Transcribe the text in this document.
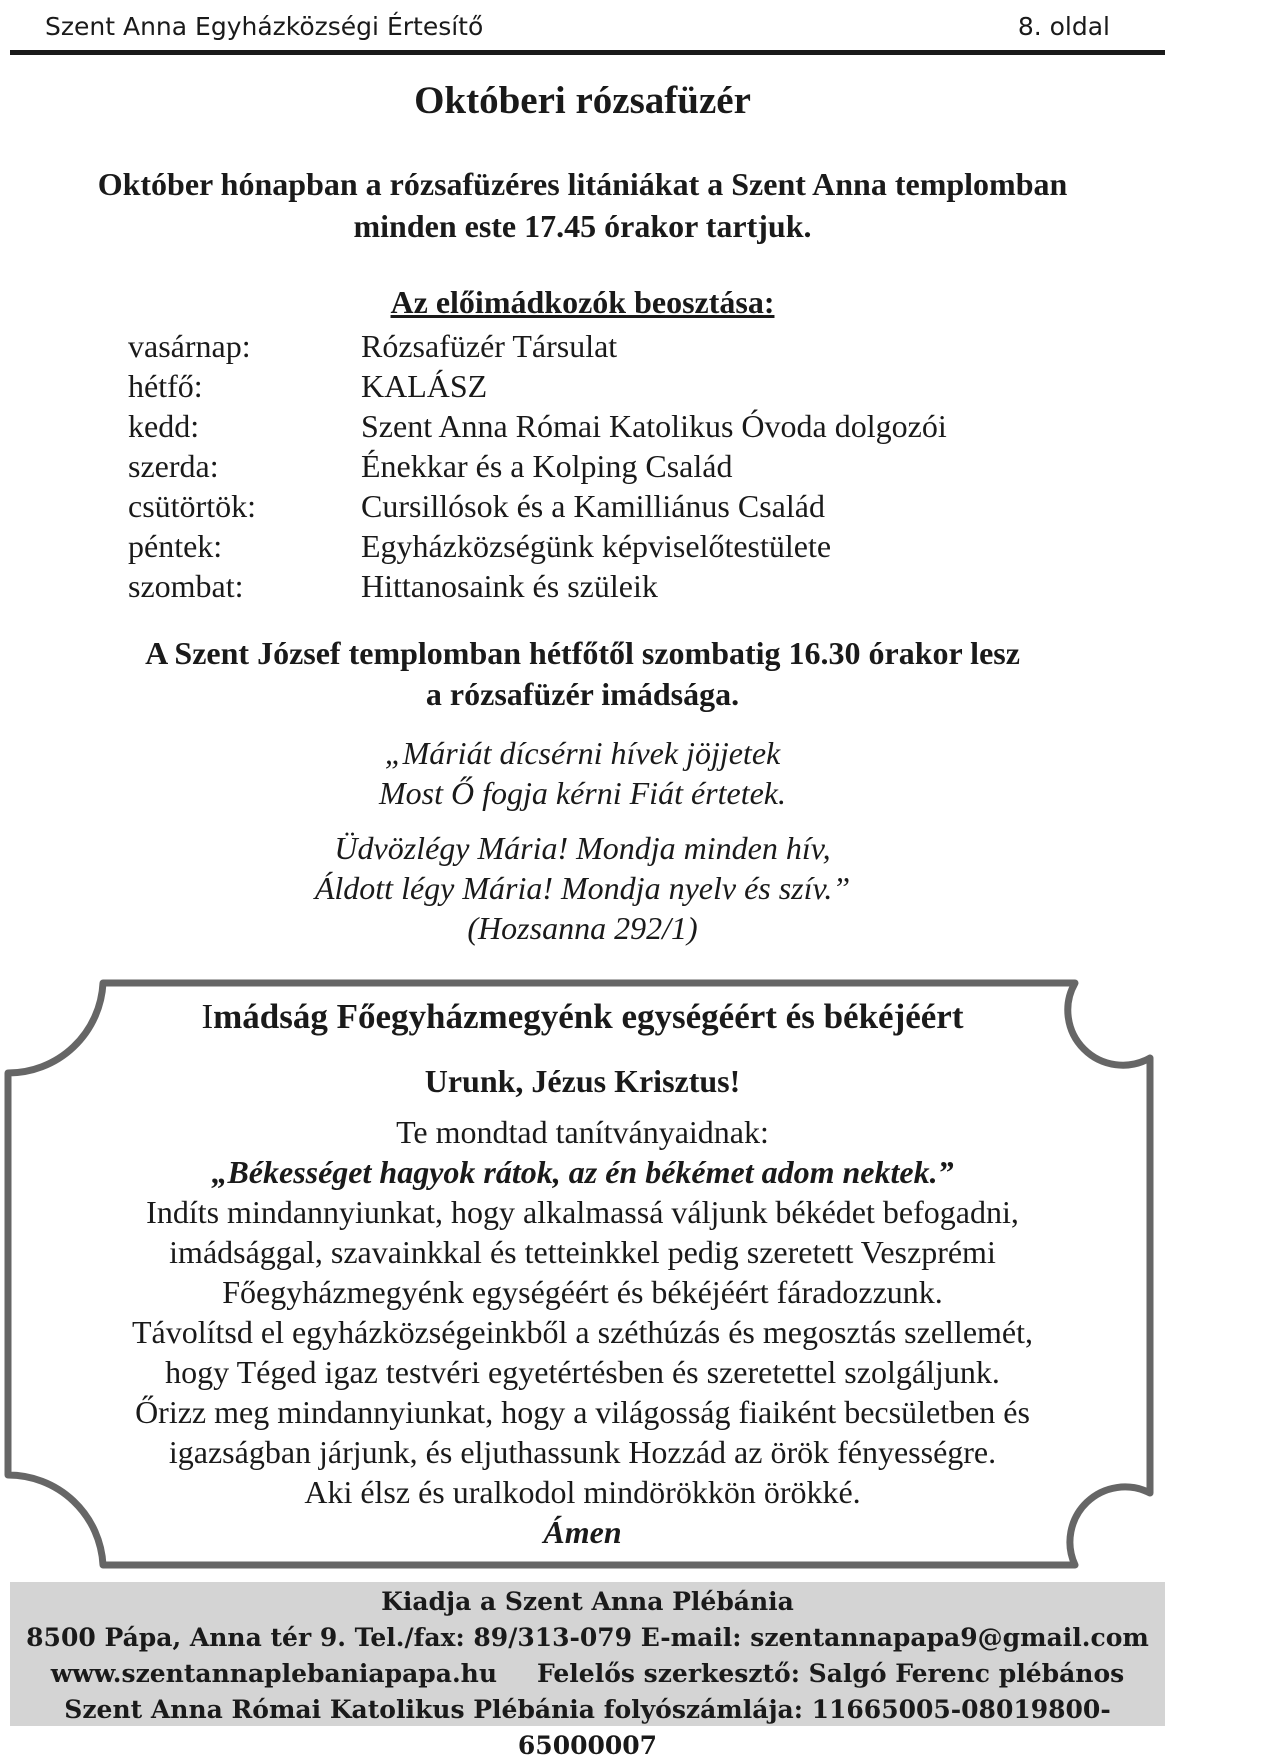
Szent Anna Egyházközségi Értesítő	8. oldal
Októberi rózsafüzér
Október hónapban a rózsafüzéres litániákat a Szent Anna templomban
minden este 17.45 órakor tartjuk.
Az előimádkozók beosztása:
vasárnap:	Rózsafüzér Társulat
hétfő:	KALÁSZ
kedd:	Szent Anna Római Katolikus Óvoda dolgozói
szerda:	Énekkar és a Kolping Család
csütörtök:	Cursillósok és a Kamilliánus Család
péntek:	Egyházközségünk képviselőtestülete
szombat:	Hittanosaink és szüleik
A Szent József templomban hétfőtől szombatig 16.30 órakor lesz
a rózsafüzér imádsága.
„Máriát dícsérni hívek jöjjetek
Most Ő fogja kérni Fiát értetek.
Üdvözlégy Mária! Mondja minden hív,
Áldott légy Mária! Mondja nyelv és szív.”
(Hozsanna 292/1)
Imádság Főegyházmegyénk egységéért és békéjéért
Urunk, Jézus Krisztus!
Te mondtad tanítványaidnak:
„Békességet hagyok rátok, az én békémet adom nektek.”
Indíts mindannyiunkat, hogy alkalmassá váljunk békédet befogadni,
imádsággal, szavainkkal és tetteinkkel pedig szeretett Veszprémi
Főegyházmegyénk egységéért és békéjéért fáradozzunk.
Távolítsd el egyházközségeinkből a széthúzás és megosztás szellemét,
hogy Téged igaz testvéri egyetértésben és szeretettel szolgáljunk.
Őrizz meg mindannyiunkat, hogy a világosság fiaiként becsületben és
igazságban járjunk, és eljuthassunk Hozzád az örök fényességre.
Aki élsz és uralkodol mindörökkön örökké.
Ámen
Kiadja a Szent Anna Plébánia
8500 Pápa, Anna tér 9. Tel./fax: 89/313-079 E-mail: szentannapapa9@gmail.com
www.szentannaplebaniapapa.hu Felelős szerkesztő: Salgó Ferenc plébános
Szent Anna Római Katolikus Plébánia folyószámlája: 11665005-08019800-65000007
